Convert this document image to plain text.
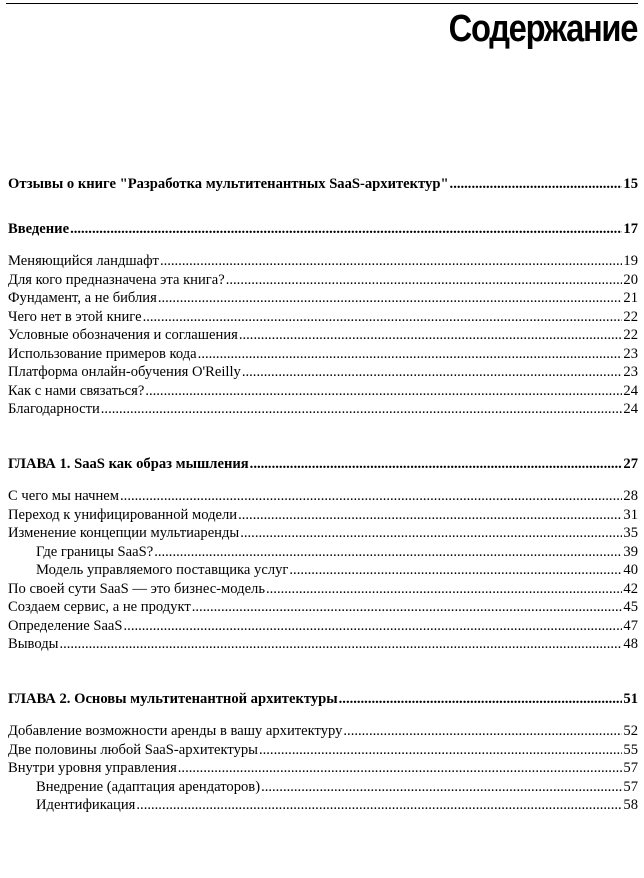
Содержание
Отзывы о книге "Разработка мультитенантных SaaS-архитектур" .....	15
Введение .....	17
Меняющийся ландшафт .....	19
Для кого предназначена эта книга? .....	20
Фундамент, а не библия .....	21
Чего нет в этой книге .....	22
Условные обозначения и соглашения .....	22
Использование примеров кода .....	23
Платформа онлайн-обучения O'Reilly .....	23
Как с нами связаться? .....	24
Благодарности .....	24
ГЛАВА 1. SaaS как образ мышления .....	27
С чего мы начнем .....	28
Переход к унифицированной модели .....	31
Изменение концепции мультиаренды .....	35
Где границы SaaS? .....	39
Модель управляемого поставщика услуг .....	40
По своей сути SaaS — это бизнес-модель .....	42
Создаем сервис, а не продукт .....	45
Определение SaaS .....	47
Выводы .....	48
ГЛАВА 2. Основы мультитенантной архитектуры .....	51
Добавление возможности аренды в вашу архитектуру .....	52
Две половины любой SaaS-архитектуры .....	55
Внутри уровня управления .....	57
Внедрение (адаптация арендаторов) .....	57
Идентификация .....	58
